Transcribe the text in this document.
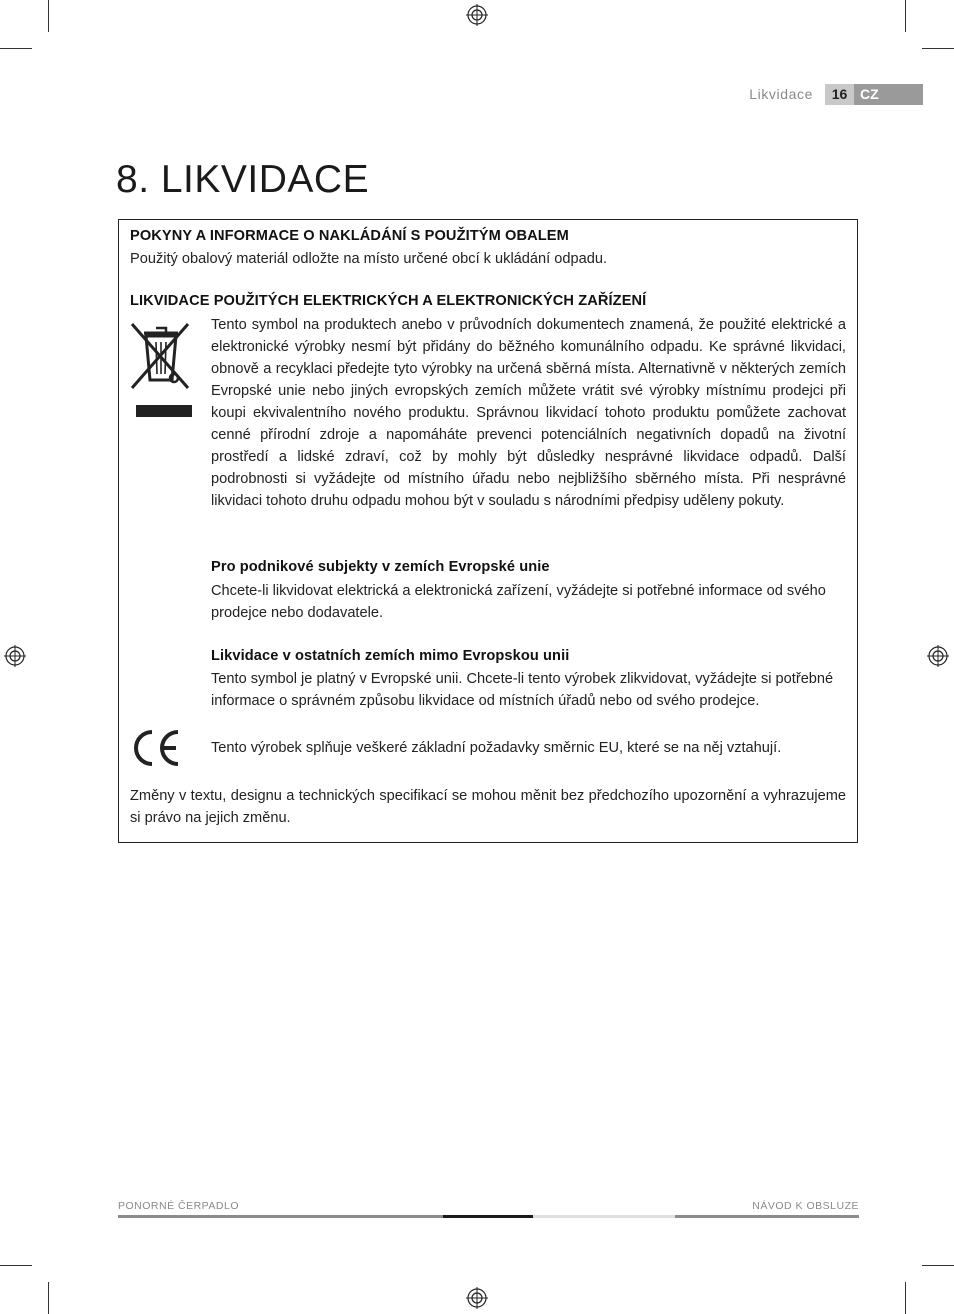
Likvidace	16 CZ
8. LIKVIDACE
POKYNY A INFORMACE O NAKLÁDÁNÍ S POUŽITÝM OBALEM
Použitý obalový materiál odložte na místo určené obcí k ukládání odpadu.
LIKVIDACE POUŽITÝCH ELEKTRICKÝCH A ELEKTRONICKÝCH ZAŘÍZENÍ
Tento symbol na produktech anebo v průvodních dokumentech znamená, že použité elektrické a elektronické výrobky nesmí být přidány do běžného komunálního odpadu. Ke správné likvidaci, obnově a recyklaci předejte tyto výrobky na určená sběrná místa. Alternativně v některých zemích Evropské unie nebo jiných evropských zemích můžete vrátit své výrobky místnímu prodejci při koupi ekvivalentního nového produktu. Správnou likvidací tohoto produktu pomůžete zachovat cenné přírodní zdroje a napomáháte prevenci potenciálních negativních dopadů na životní prostředí a lidské zdraví, což by mohly být důsledky nesprávné likvidace odpadů. Další podrobnosti si vyžádejte od místního úřadu nebo nejbližšího sběrného místa. Při nesprávné likvidaci tohoto druhu odpadu mohou být v souladu s národními předpisy uděleny pokuty.
Pro podnikové subjekty v zemích Evropské unie
Chcete-li likvidovat elektrická a elektronická zařízení, vyžádejte si potřebné informace od svého prodejce nebo dodavatele.
Likvidace v ostatních zemích mimo Evropskou unii
Tento symbol je platný v Evropské unii. Chcete-li tento výrobek zlikvidovat, vyžádejte si potřebné informace o správném způsobu likvidace od místních úřadů nebo od svého prodejce.
Tento výrobek splňuje veškeré základní požadavky směrnic EU, které se na něj vztahují.
Změny v textu, designu a technických specifikací se mohou měnit bez předchozího upozornění a vyhrazujeme si právo na jejich změnu.
PONORNÉ ČERPADLO	NÁVOD K OBSLUZE
